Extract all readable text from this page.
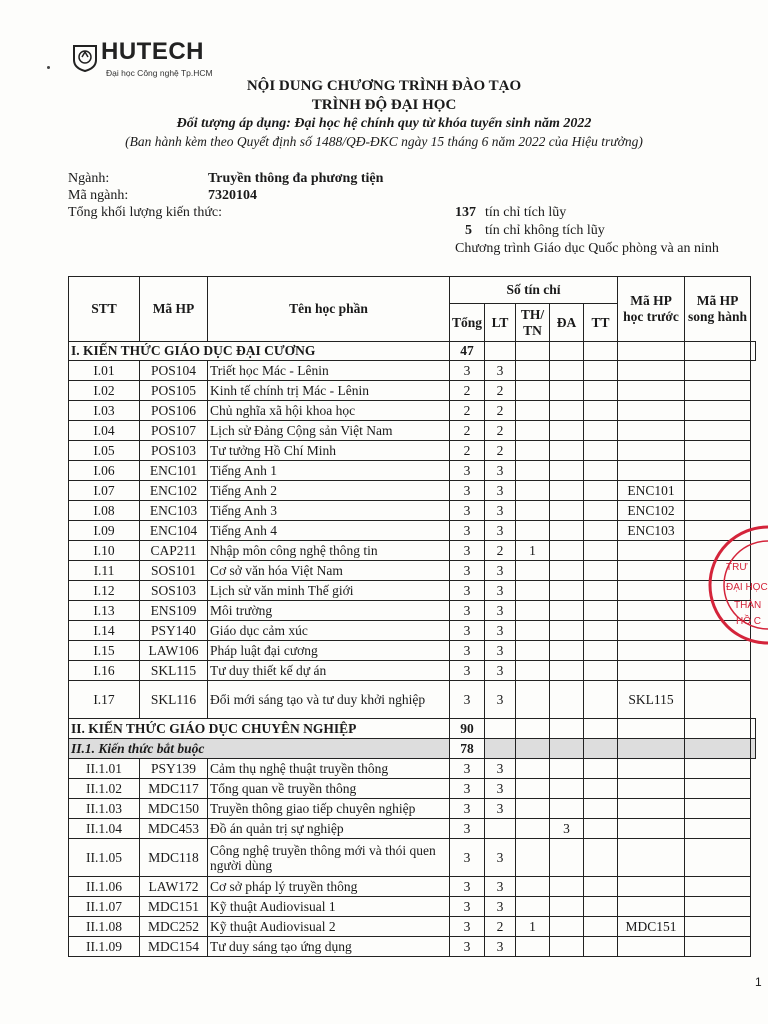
HUTECH
Đại học Công nghệ Tp.HCM
NỘI DUNG CHƯƠNG TRÌNH ĐÀO TẠO
TRÌNH ĐỘ ĐẠI HỌC
Đối tượng áp dụng: Đại học hệ chính quy từ khóa tuyển sinh năm 2022
(Ban hành kèm theo Quyết định số 1488/QĐ-ĐKC ngày 15 tháng 6 năm 2022 của Hiệu trưởng)
Ngành:	Truyền thông đa phương tiện
Mã ngành:	7320104
Tổng khối lượng kiến thức:	137 tín chỉ tích lũy
5 tín chỉ không tích lũy
Chương trình Giáo dục Quốc phòng và an ninh
STT	Mã HP	Tên học phần	Số tín chỉ					Mã HP học trước	Mã HP song hành	
			Tổng	LT	TH/ TN	ĐA	TT			
I. KIẾN THỨC GIÁO DỤC ĐẠI CƯƠNG			47							
I.01	POS104	Triết học Mác - Lênin	3	3						
I.02	POS105	Kinh tế chính trị Mác - Lênin	2	2						
I.03	POS106	Chủ nghĩa xã hội khoa học	2	2						
I.04	POS107	Lịch sử Đảng Cộng sản Việt Nam	2	2						
I.05	POS103	Tư tưởng Hồ Chí Minh	2	2						
I.06	ENC101	Tiếng Anh 1	3	3						
I.07	ENC102	Tiếng Anh 2	3	3				ENC101		
I.08	ENC103	Tiếng Anh 3	3	3				ENC102		
I.09	ENC104	Tiếng Anh 4	3	3				ENC103		
I.10	CAP211	Nhập môn công nghệ thông tin	3	2	1					
I.11	SOS101	Cơ sở văn hóa Việt Nam	3	3						
I.12	SOS103	Lịch sử văn minh Thế giới	3	3						
I.13	ENS109	Môi trường	3	3						
I.14	PSY140	Giáo dục cảm xúc	3	3						
I.15	LAW106	Pháp luật đại cương	3	3						
I.16	SKL115	Tư duy thiết kế dự án	3	3						
I.17	SKL116	Đổi mới sáng tạo và tư duy khởi nghiệp	3	3				SKL115		
II. KIẾN THỨC GIÁO DỤC CHUYÊN NGHIỆP			90							
II.1. Kiến thức bắt buộc			78							
II.1.01	PSY139	Cảm thụ nghệ thuật truyền thông	3	3						
II.1.02	MDC117	Tổng quan về truyền thông	3	3						
II.1.03	MDC150	Truyền thông giao tiếp chuyên nghiệp	3	3						
II.1.04	MDC453	Đồ án quản trị sự nghiệp	3			3				
II.1.05	MDC118	Công nghệ truyền thông mới và thói quen người dùng	3	3						
II.1.06	LAW172	Cơ sở pháp lý truyền thông	3	3						
II.1.07	MDC151	Kỹ thuật Audiovisual 1	3	3						
II.1.08	MDC252	Kỹ thuật Audiovisual 2	3	2	1			MDC151		
II.1.09	MDC154	Tư duy sáng tạo ứng dụng	3	3						
TRƯ
ĐẠI HỌC
THÀN
HỒ C
1
